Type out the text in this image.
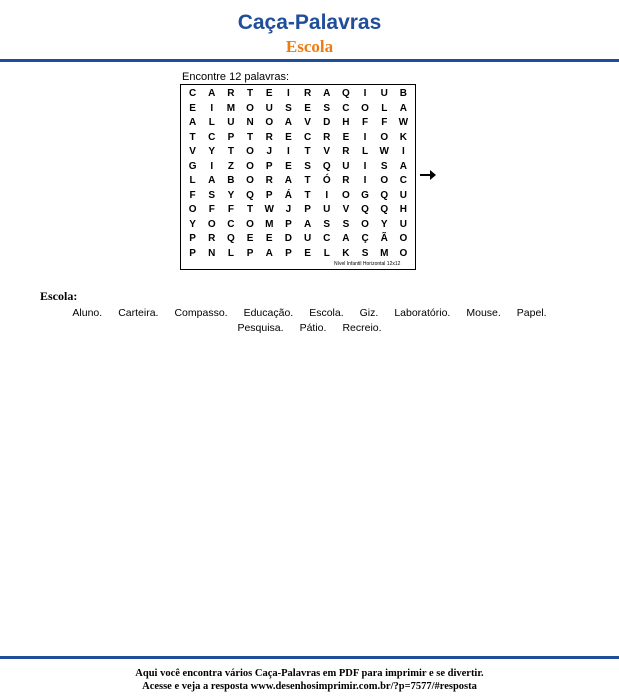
Caça-Palavras
Escola
Encontre 12 palavras:
C	A	R	T	E	I	R	A	Q	I	U	B
E	I	M	O	U	S	E	S	C	O	L	A
A	L	U	N	O	A	V	D	H	F	F	W
T	C	P	T	R	E	C	R	E	I	O	K
V	Y	T	O	J	I	T	V	R	L	W	I
G	I	Z	O	P	E	S	Q	U	I	S	A
L	A	B	O	R	A	T	Ó	R	I	O	C
F	S	Y	Q	P	Á	T	I	O	G	Q	U
O	F	F	T	W	J	P	U	V	Q	Q	H
Y	O	C	O	M	P	A	S	S	O	Y	U
P	R	Q	E	E	D	U	C	A	Ç	Ã	O
P	N	L	P	A	P	E	L	K	S	M	O
Nível Infantil Horizontal 12x12
Escola:
Aluno. Carteira. Compasso. Educação. Escola. Giz. Laboratório. Mouse. Papel.
Pesquisa. Pátio. Recreio.
Aqui você encontra vários Caça-Palavras em PDF para imprimir e se divertir.
Acesse e veja a resposta www.desenhosimprimir.com.br/?p=7577/#resposta
